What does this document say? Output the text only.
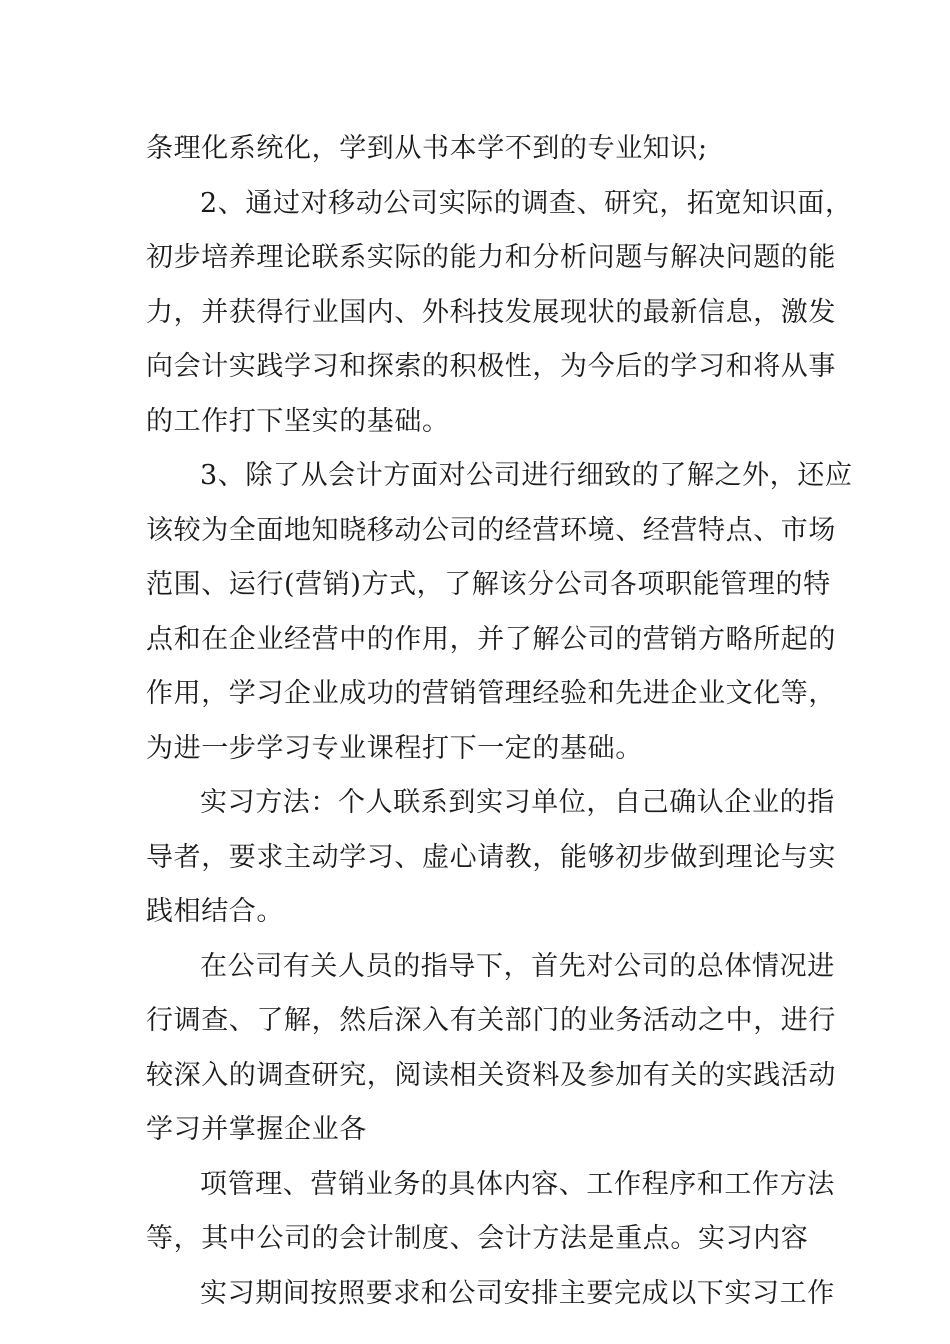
条理化系统化，学到从书本学不到的专业知识;
2、通过对移动公司实际的调查、研究，拓宽知识面，
初步培养理论联系实际的能力和分析问题与解决问题的能
力，并获得行业国内、外科技发展现状的最新信息，激发
向会计实践学习和探索的积极性，为今后的学习和将从事
的工作打下坚实的基础。
3、除了从会计方面对公司进行细致的了解之外，还应
该较为全面地知晓移动公司的经营环境、经营特点、市场
范围、运行(营销)方式，了解该分公司各项职能管理的特
点和在企业经营中的作用，并了解公司的营销方略所起的
作用，学习企业成功的营销管理经验和先进企业文化等，
为进一步学习专业课程打下一定的基础。
实习方法：个人联系到实习单位，自己确认企业的指
导者，要求主动学习、虚心请教，能够初步做到理论与实
践相结合。
在公司有关人员的指导下，首先对公司的总体情况进
行调查、了解，然后深入有关部门的业务活动之中，进行
较深入的调查研究，阅读相关资料及参加有关的实践活动
学习并掌握企业各
项管理、营销业务的具体内容、工作程序和工作方法
等，其中公司的会计制度、会计方法是重点。实习内容
实习期间按照要求和公司安排主要完成以下实习工作
